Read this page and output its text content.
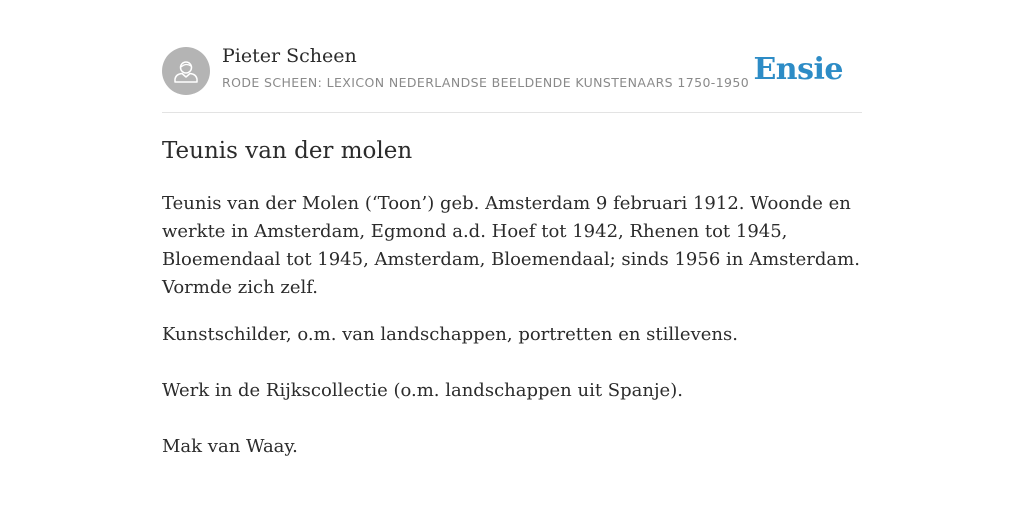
Pieter Scheen
RODE SCHEEN: LEXICON NEDERLANDSE BEELDENDE KUNSTENAARS 1750-1950 Ensie
Teunis van der molen

Teunis van der Molen (‘Toon’) geb. Amsterdam 9 februari 1912. Woonde en werkte in Amsterdam, Egmond a.d. Hoef tot 1942, Rhenen tot 1945, Bloemendaal tot 1945, Amsterdam, Bloemendaal; sinds 1956 in Amsterdam. Vormde zich zelf.

Kunstschilder, o.m. van landschappen, portretten en stillevens.

Werk in de Rijkscollectie (o.m. landschappen uit Spanje).

Mak van Waay.
